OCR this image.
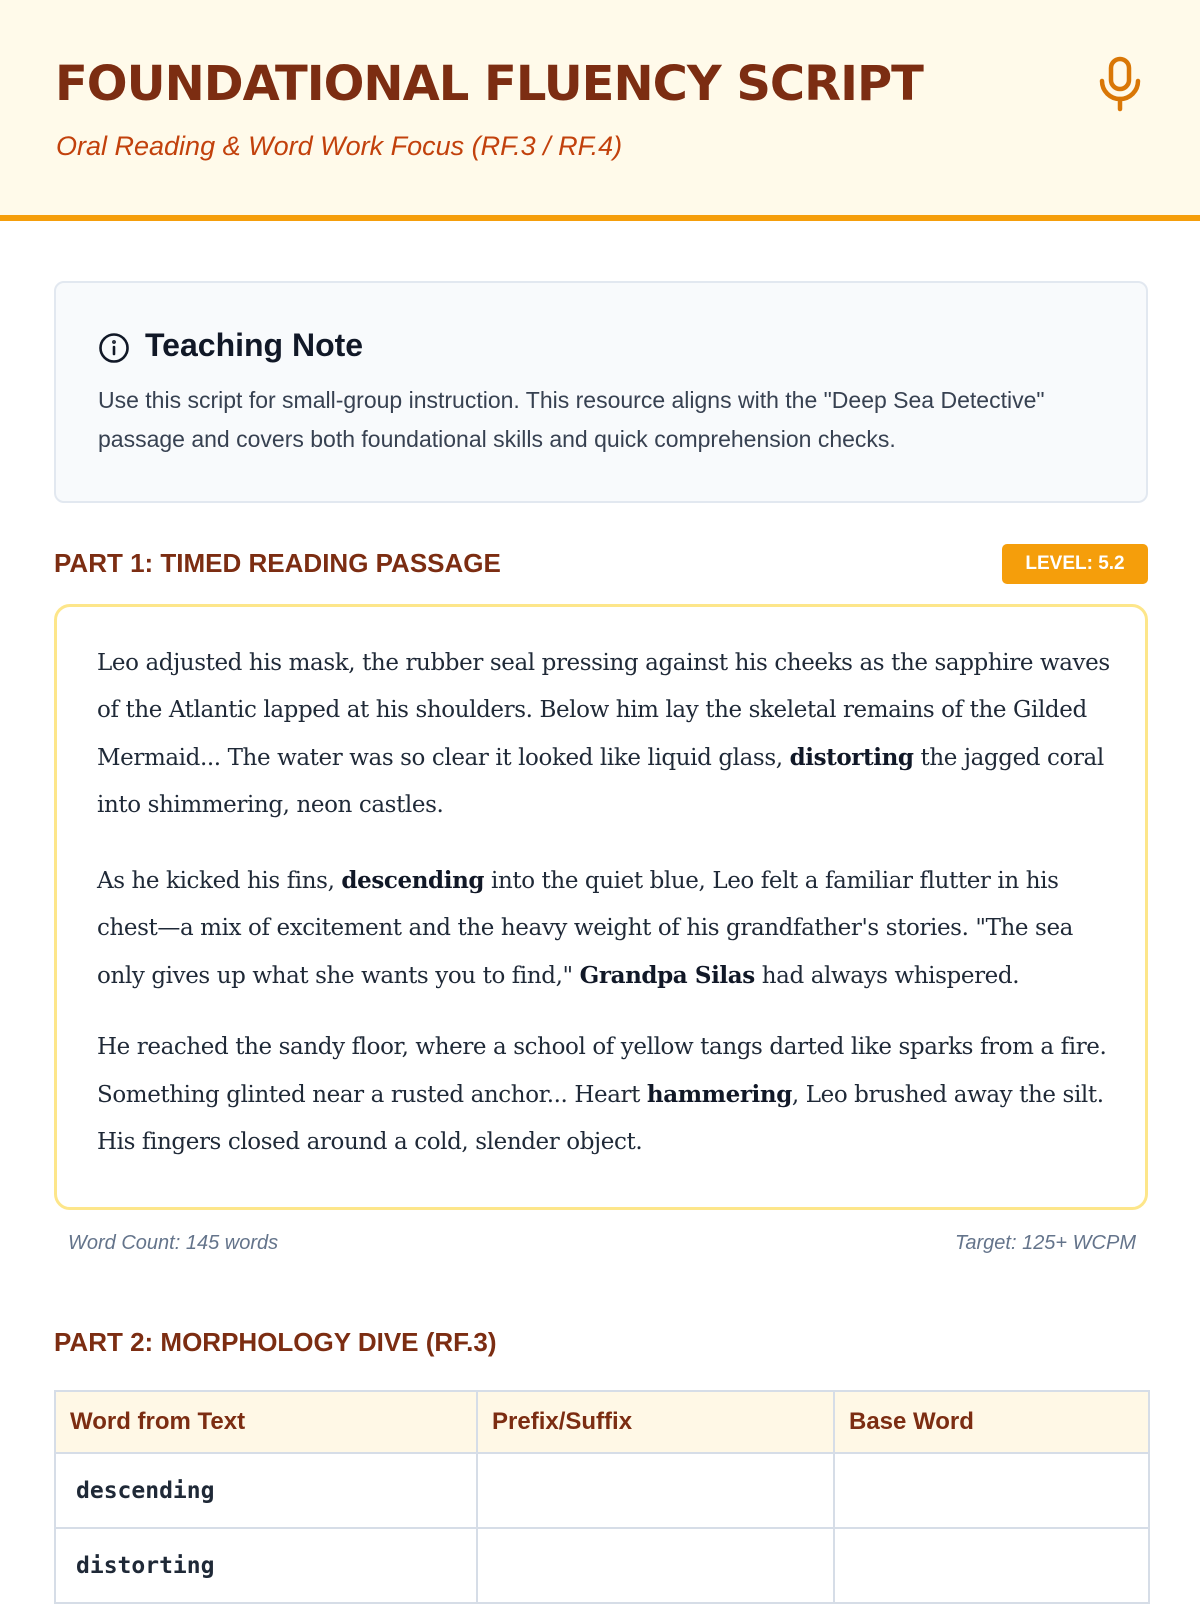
FOUNDATIONAL FLUENCY SCRIPT
Oral Reading & Word Work Focus (RF.3 / RF.4)
Teaching Note
Use this script for small-group instruction. This resource aligns with the "Deep Sea Detective" passage and covers both foundational skills and quick comprehension checks.
PART 1: TIMED READING PASSAGE	LEVEL: 5.2

Leo adjusted his mask, the rubber seal pressing against his cheeks as the sapphire waves of the Atlantic lapped at his shoulders. Below him lay the skeletal remains of the Gilded Mermaid... The water was so clear it looked like liquid glass, distorting the jagged coral into shimmering, neon castles.

As he kicked his fins, descending into the quiet blue, Leo felt a familiar flutter in his chest—a mix of excitement and the heavy weight of his grandfather's stories. "The sea only gives up what she wants you to find," Grandpa Silas had always whispered.

He reached the sandy floor, where a school of yellow tangs darted like sparks from a fire. Something glinted near a rusted anchor... Heart hammering, Leo brushed away the silt. His fingers closed around a cold, slender object.

Word Count: 145 words	Target: 125+ WCPM
PART 2: MORPHOLOGY DIVE (RF.3)
Word from Text	Prefix/Suffix	Base Word
descending		
distorting		
